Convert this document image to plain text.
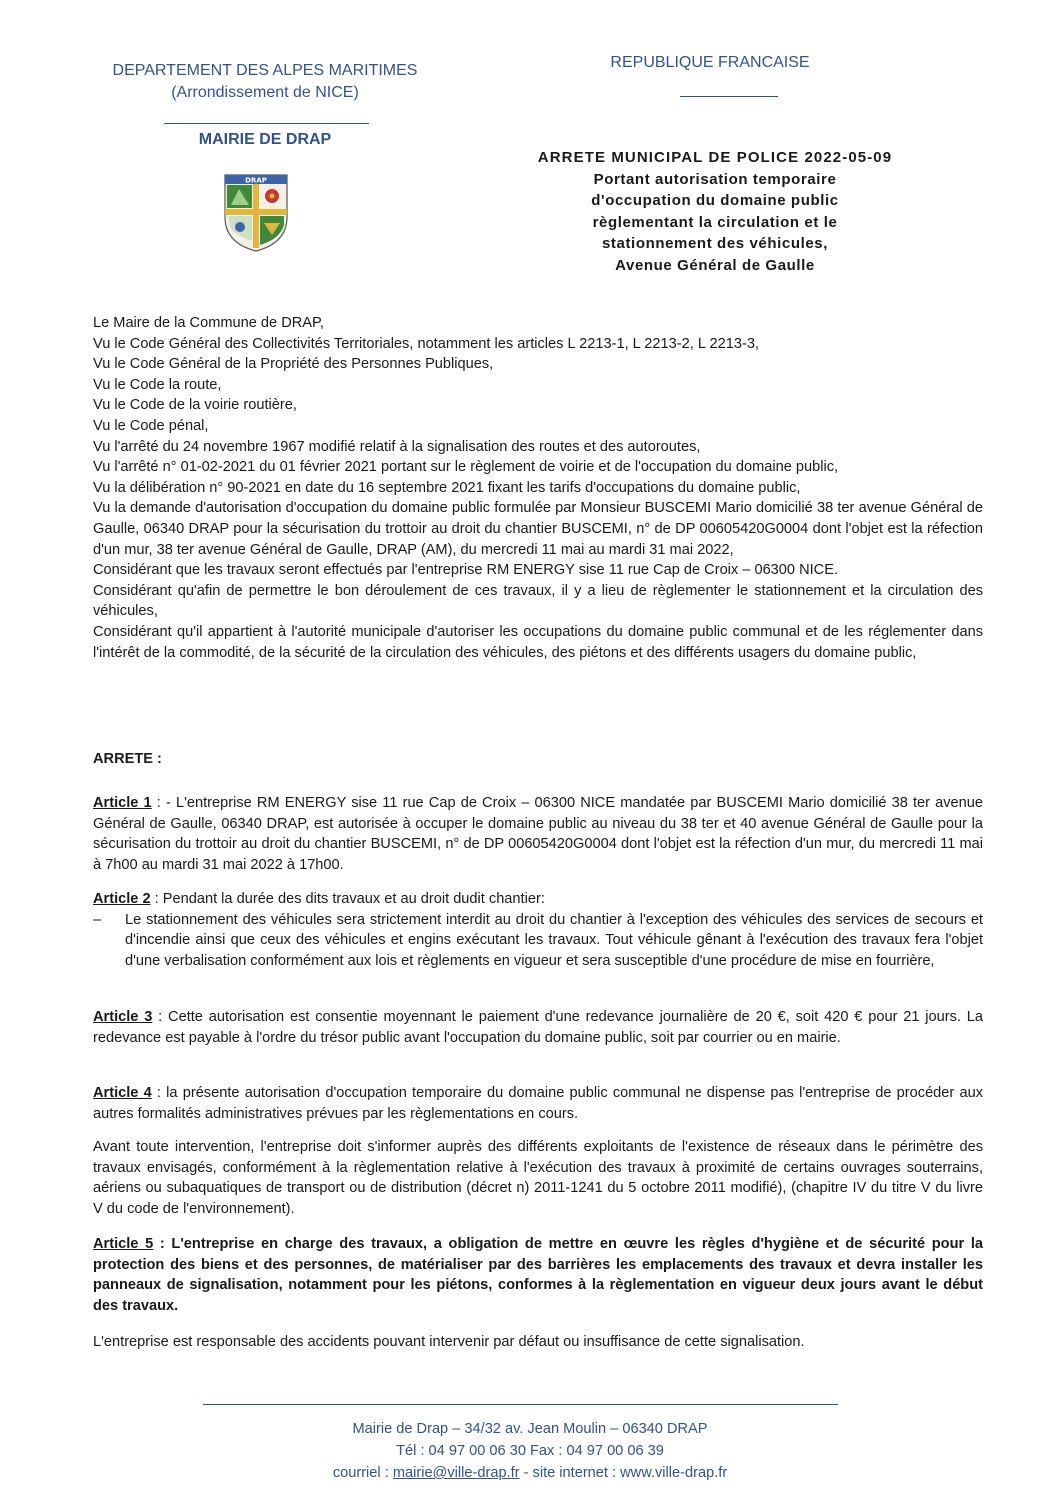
DEPARTEMENT DES ALPES MARITIMES
(Arrondissement de NICE)
MAIRIE DE DRAP
DRAP
REPUBLIQUE FRANCAISE
ARRETE MUNICIPAL DE POLICE 2022-05-09
Portant autorisation temporaire
d'occupation du domaine public
règlementant la circulation et le
stationnement des véhicules,
Avenue Général de Gaulle
Le Maire de la Commune de DRAP,
Vu le Code Général des Collectivités Territoriales, notamment les articles L 2213-1, L 2213-2, L 2213-3,
Vu le Code Général de la Propriété des Personnes Publiques,
Vu le Code la route,
Vu le Code de la voirie routière,
Vu le Code pénal,
Vu l'arrêté du 24 novembre 1967 modifié relatif à la signalisation des routes et des autoroutes,
Vu l'arrêté n° 01-02-2021 du 01 février 2021 portant sur le règlement de voirie et de l'occupation du domaine public,
Vu la délibération n° 90-2021 en date du 16 septembre 2021 fixant les tarifs d'occupations du domaine public,
Vu la demande d'autorisation d'occupation du domaine public formulée par Monsieur BUSCEMI Mario domicilié 38 ter avenue Général de Gaulle, 06340 DRAP pour la sécurisation du trottoir au droit du chantier BUSCEMI, n° de DP 00605420G0004 dont l'objet est la réfection d'un mur, 38 ter avenue Général de Gaulle, DRAP (AM), du mercredi 11 mai au mardi 31 mai 2022,
Considérant que les travaux seront effectués par l'entreprise RM ENERGY sise 11 rue Cap de Croix – 06300 NICE.
Considérant qu'afin de permettre le bon déroulement de ces travaux, il y a lieu de règlementer le stationnement et la circulation des véhicules,
Considérant qu'il appartient à l'autorité municipale d'autoriser les occupations du domaine public communal et de les réglementer dans l'intérêt de la commodité, de la sécurité de la circulation des véhicules, des piétons et des différents usagers du domaine public,
ARRETE :
Article 1 : - L'entreprise RM ENERGY sise 11 rue Cap de Croix – 06300 NICE mandatée par BUSCEMI Mario domicilié 38 ter avenue Général de Gaulle, 06340 DRAP, est autorisée à occuper le domaine public au niveau du 38 ter et 40 avenue Général de Gaulle pour la sécurisation du trottoir au droit du chantier BUSCEMI, n° de DP 00605420G0004 dont l'objet est la réfection d'un mur, du mercredi 11 mai à 7h00 au mardi 31 mai 2022 à 17h00.
Article 2 : Pendant la durée des dits travaux et au droit dudit chantier:
– Le stationnement des véhicules sera strictement interdit au droit du chantier à l'exception des véhicules des services de secours et d'incendie ainsi que ceux des véhicules et engins exécutant les travaux. Tout véhicule gênant à l'exécution des travaux fera l'objet d'une verbalisation conformément aux lois et règlements en vigueur et sera susceptible d'une procédure de mise en fourrière,
Article 3 : Cette autorisation est consentie moyennant le paiement d'une redevance journalière de 20 €, soit 420 € pour 21 jours. La redevance est payable à l'ordre du trésor public avant l'occupation du domaine public, soit par courrier ou en mairie.
Article 4 : la présente autorisation d'occupation temporaire du domaine public communal ne dispense pas l'entreprise de procéder aux autres formalités administratives prévues par les règlementations en cours.
Avant toute intervention, l'entreprise doit s'informer auprès des différents exploitants de l'existence de réseaux dans le périmètre des travaux envisagés, conformément à la règlementation relative à l'exécution des travaux à proximité de certains ouvrages souterrains, aériens ou subaquatiques de transport ou de distribution (décret n) 2011-1241 du 5 octobre 2011 modifié), (chapitre IV du titre V du livre V du code de l'environnement).
Article 5 : L'entreprise en charge des travaux, a obligation de mettre en œuvre les règles d'hygiène et de sécurité pour la protection des biens et des personnes, de matérialiser par des barrières les emplacements des travaux et devra installer les panneaux de signalisation, notamment pour les piétons, conformes à la règlementation en vigueur deux jours avant le début des travaux.
L'entreprise est responsable des accidents pouvant intervenir par défaut ou insuffisance de cette signalisation.
Mairie de Drap – 34/32 av. Jean Moulin – 06340 DRAP
Tél : 04 97 00 06 30 Fax : 04 97 00 06 39
courriel : mairie@ville-drap.fr - site internet : www.ville-drap.fr
